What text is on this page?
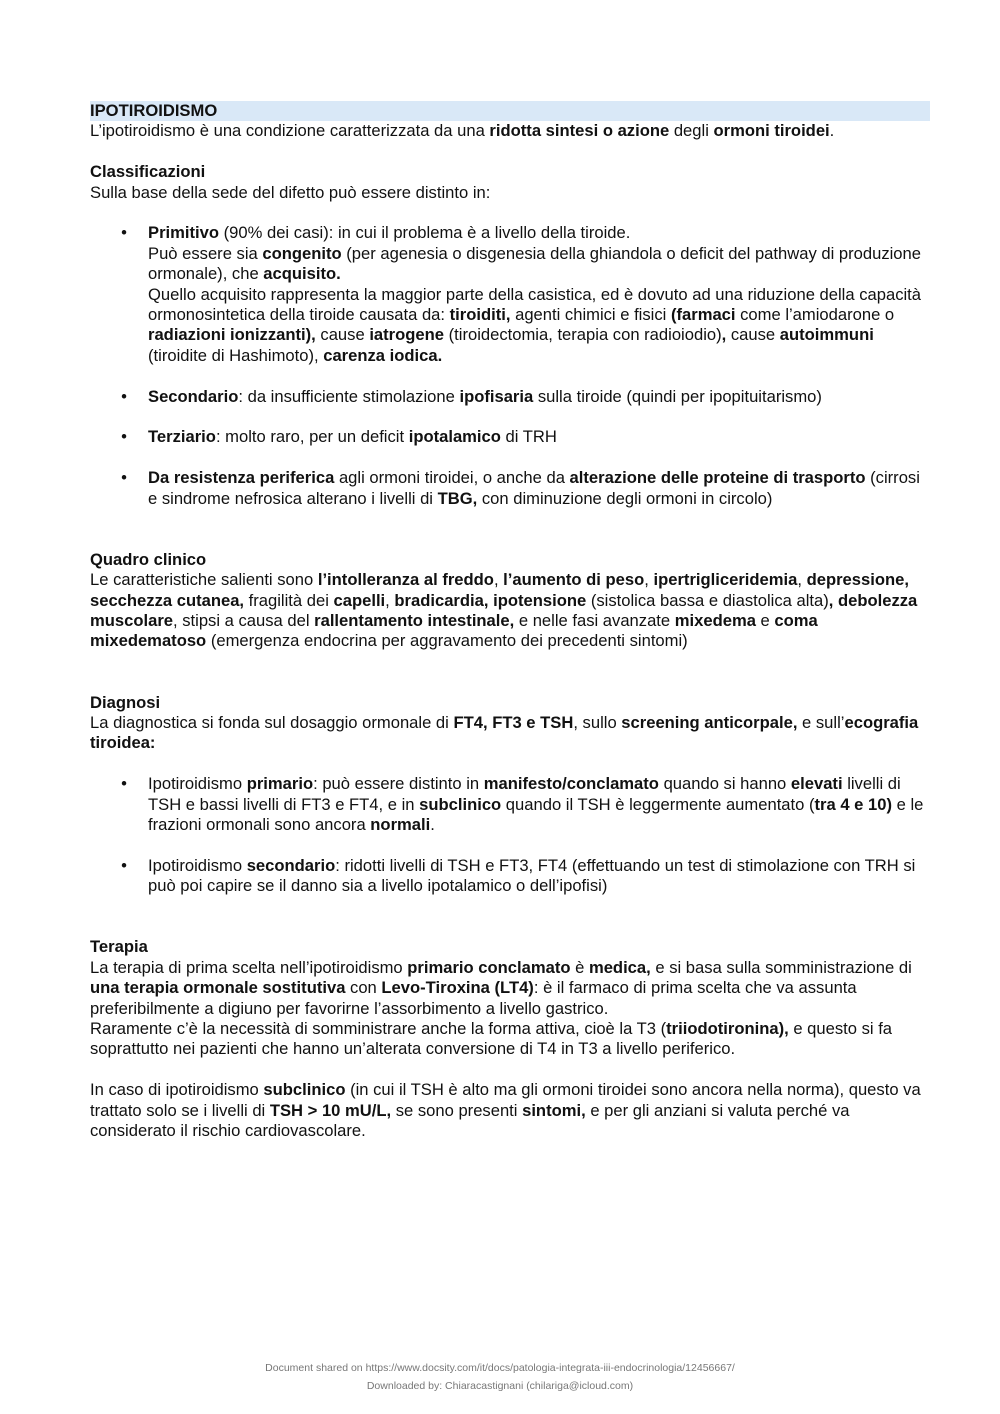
IPOTIROIDISMO

L’ipotiroidismo è una condizione caratterizzata da una ridotta sintesi o azione degli ormoni tiroidei.

Classificazioni

Sulla base della sede del difetto può essere distinto in:

• Primitivo (90% dei casi): in cui il problema è a livello della tiroide.

Può essere sia congenito (per agenesia o disgenesia della ghiandola o deficit del pathway di produzione ormonale), che acquisito.

Quello acquisito rappresenta la maggior parte della casistica, ed è dovuto ad una riduzione della capacità ormonosintetica della tiroide causata da: tiroiditi, agenti chimici e fisici (farmaci come l’amiodarone o radiazioni ionizzanti), cause iatrogene (tiroidectomia, terapia con radioiodio), cause autoimmuni (tiroidite di Hashimoto), carenza iodica.

• Secondario: da insufficiente stimolazione ipofisaria sulla tiroide (quindi per ipopituitarismo)

• Terziario: molto raro, per un deficit ipotalamico di TRH

• Da resistenza periferica agli ormoni tiroidei, o anche da alterazione delle proteine di trasporto (cirrosi e sindrome nefrosica alterano i livelli di TBG, con diminuzione degli ormoni in circolo)

Quadro clinico

Le caratteristiche salienti sono l’intolleranza al freddo, l’aumento di peso, ipertrigliceridemia, depressione, secchezza cutanea, fragilità dei capelli, bradicardia, ipotensione (sistolica bassa e diastolica alta), debolezza muscolare, stipsi a causa del rallentamento intestinale, e nelle fasi avanzate mixedema e coma mixedematoso (emergenza endocrina per aggravamento dei precedenti sintomi)

Diagnosi

La diagnostica si fonda sul dosaggio ormonale di FT4, FT3 e TSH, sullo screening anticorpale, e sull’ecografia tiroidea:

• Ipotiroidismo primario: può essere distinto in manifesto/conclamato quando si hanno elevati livelli di TSH e bassi livelli di FT3 e FT4, e in subclinico quando il TSH è leggermente aumentato (tra 4 e 10) e le frazioni ormonali sono ancora normali.

• Ipotiroidismo secondario: ridotti livelli di TSH e FT3, FT4 (effettuando un test di stimolazione con TRH si può poi capire se il danno sia a livello ipotalamico o dell’ipofisi)

Terapia

La terapia di prima scelta nell’ipotiroidismo primario conclamato è medica, e si basa sulla somministrazione di una terapia ormonale sostitutiva con Levo-Tiroxina (LT4): è il farmaco di prima scelta che va assunta preferibilmente a digiuno per favorirne l’assorbimento a livello gastrico.

Raramente c’è la necessità di somministrare anche la forma attiva, cioè la T3 (triiodotironina), e questo si fa soprattutto nei pazienti che hanno un’alterata conversione di T4 in T3 a livello periferico.

In caso di ipotiroidismo subclinico (in cui il TSH è alto ma gli ormoni tiroidei sono ancora nella norma), questo va trattato solo se i livelli di TSH > 10 mU/L, se sono presenti sintomi, e per gli anziani si valuta perché va considerato il rischio cardiovascolare.

Document shared on https://www.docsity.com/it/docs/patologia-integrata-iii-endocrinologia/12456667/
Downloaded by: Chiaracastignani (chilariga@icloud.com)
